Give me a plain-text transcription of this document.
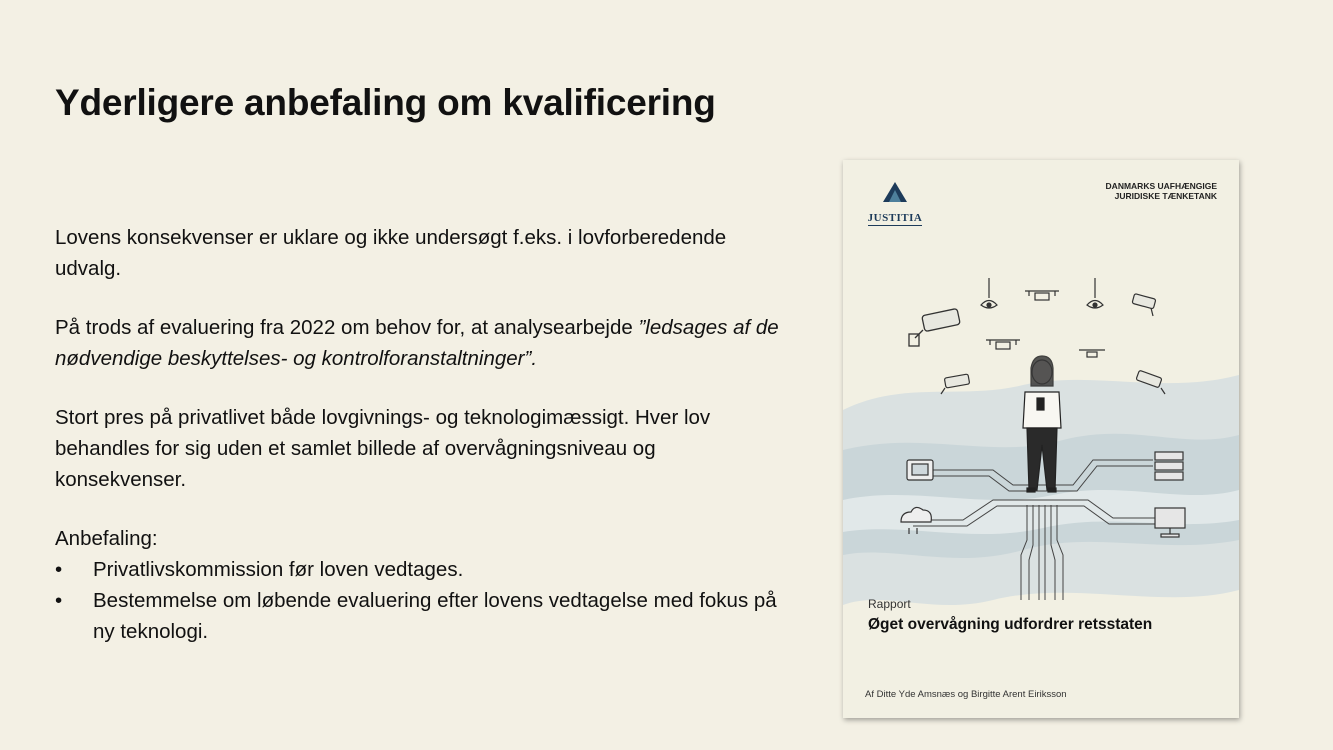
Yderligere anbefaling om kvalificering

Lovens konsekvenser er uklare og ikke undersøgt f.eks. i lovforberedende udvalg.

På trods af evaluering fra 2022 om behov for, at analysearbejde ”ledsages af de nødvendige beskyttelses- og kontrolforanstaltninger”.

Stort pres på privatlivet både lovgivnings- og teknologimæssigt. Hver lov behandles for sig uden et samlet billede af overvågningsniveau og konsekvenser.

Anbefaling:

• Privatlivskommission før loven vedtages.
• Bestemmelse om løbende evaluering efter lovens vedtagelse med fokus på ny teknologi.
JUSTITIA
DANMARKS UAFHÆNGIGE
JURIDISKE TÆNKETANK
Rapport
Øget overvågning udfordrer retsstaten
Af Ditte Yde Amsnæs og Birgitte Arent Eiriksson
